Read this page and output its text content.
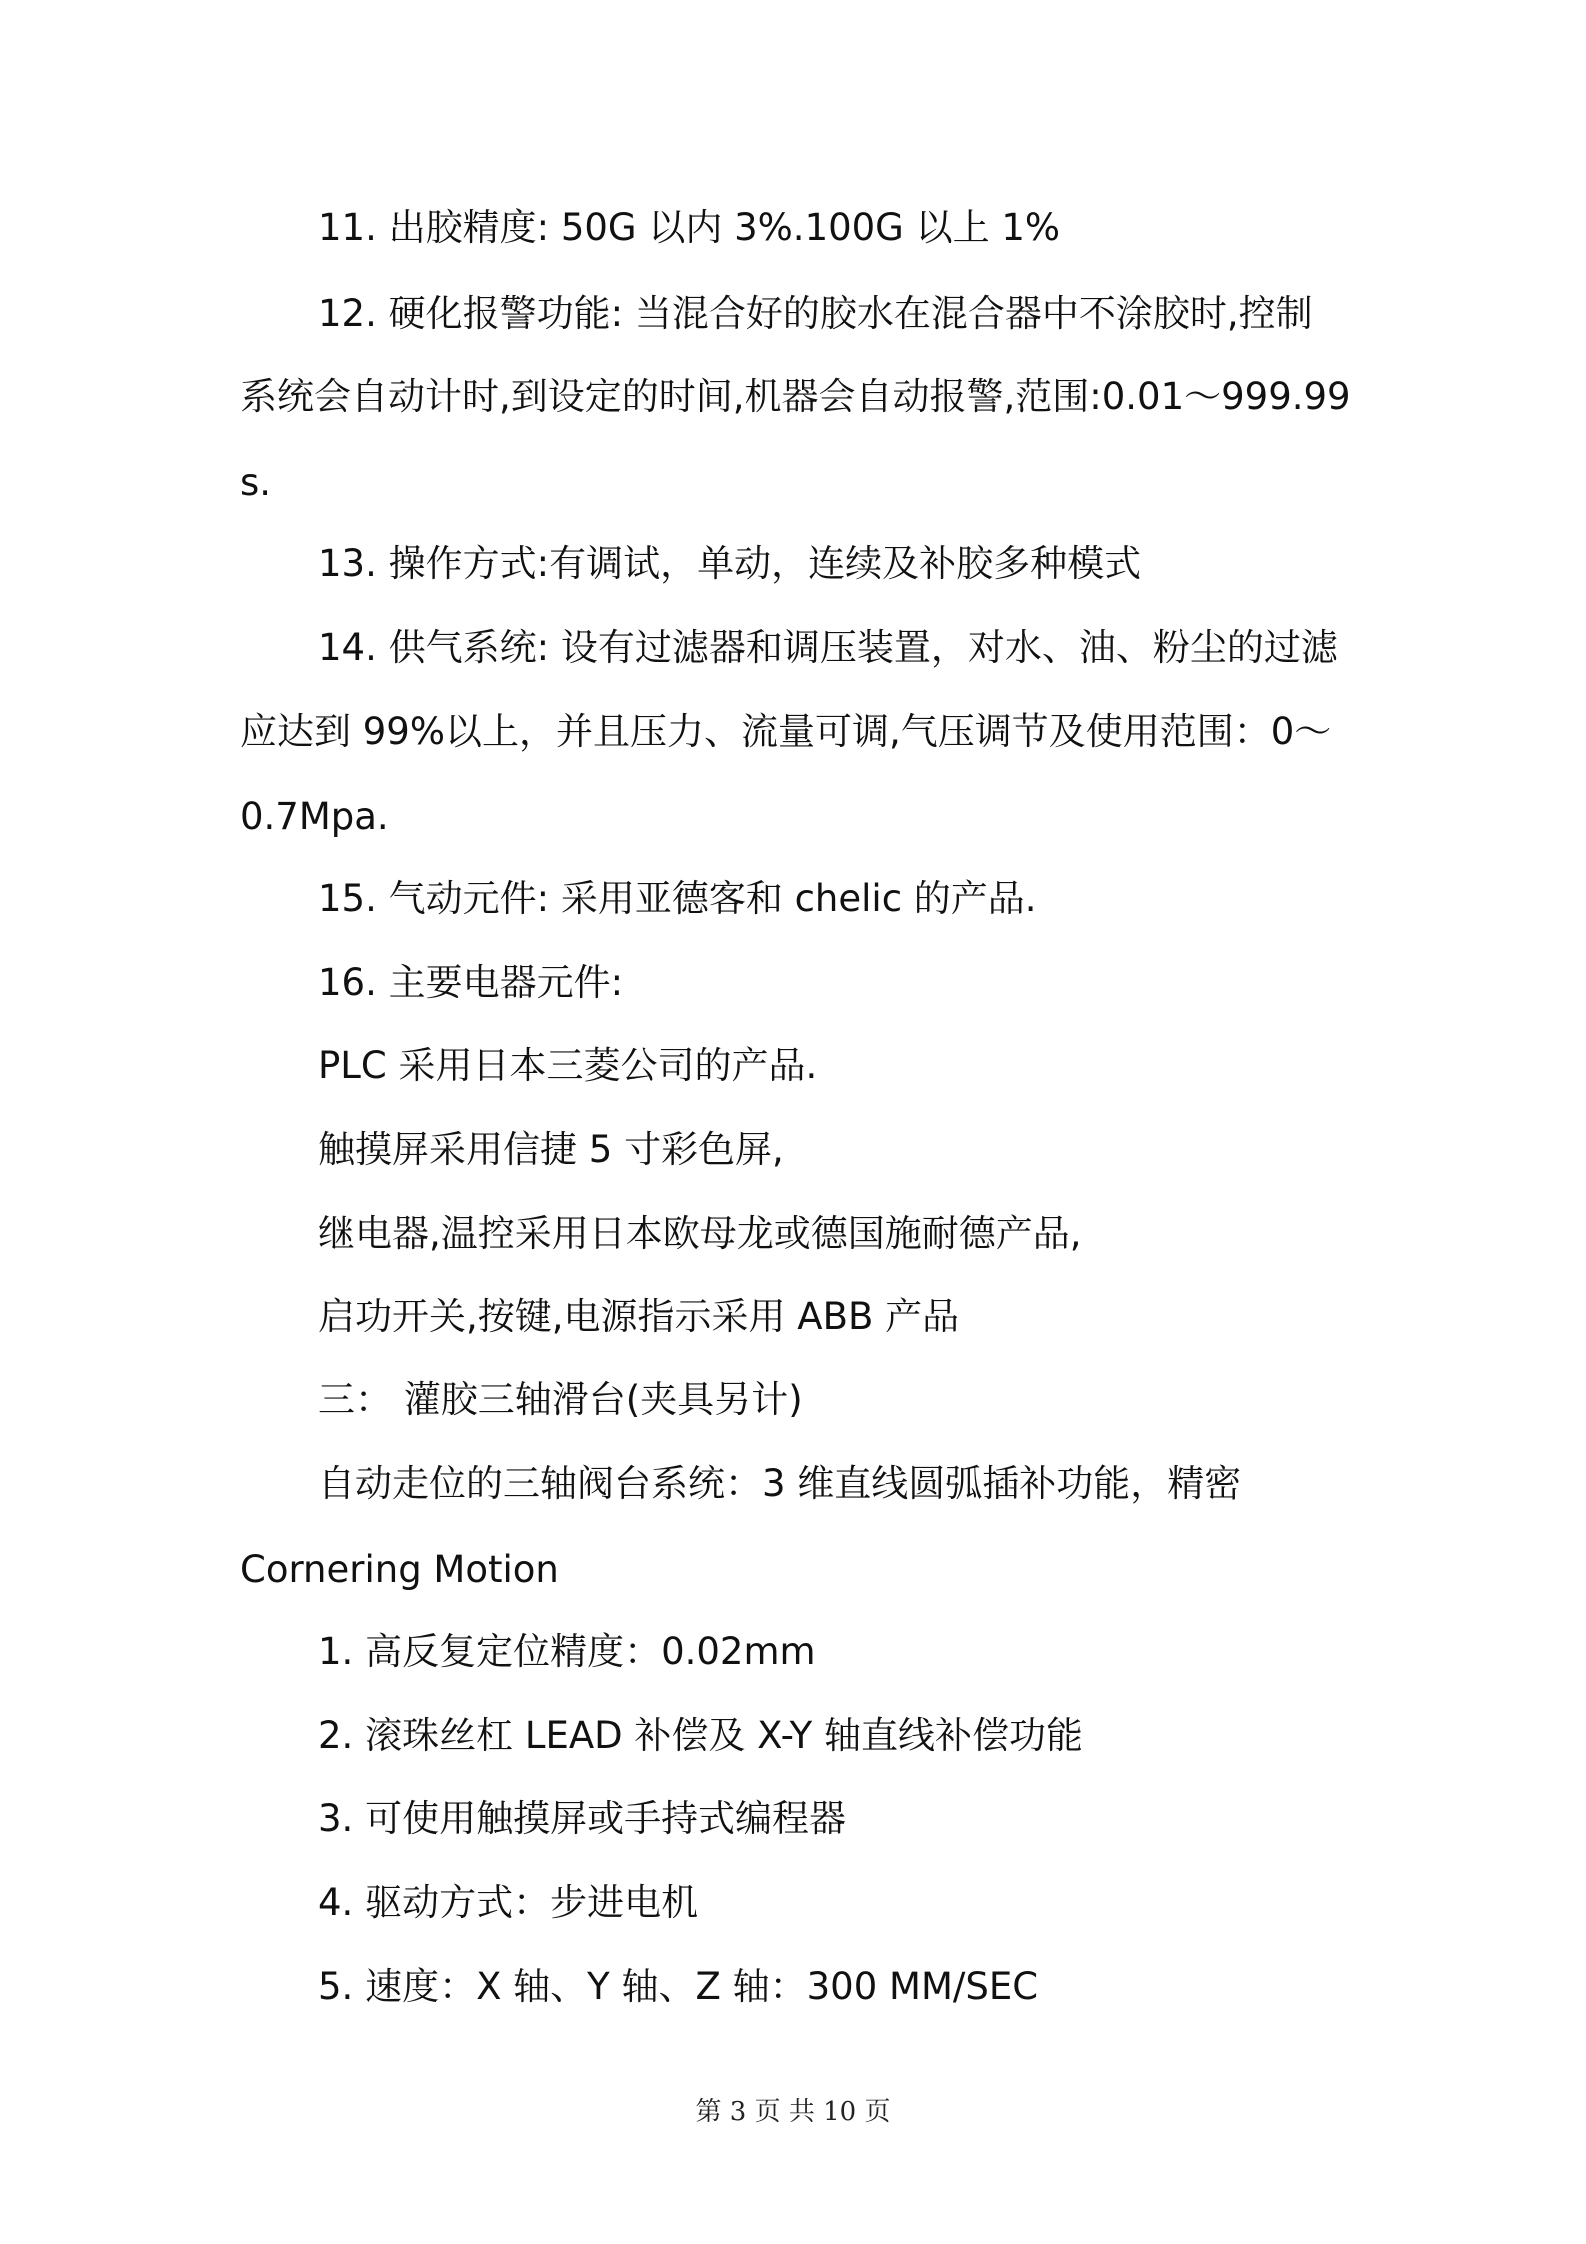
11. 出胶精度: 50G 以内 3%.100G 以上 1%
12. 硬化报警功能: 当混合好的胶水在混合器中不涂胶时,控制
系统会自动计时,到设定的时间,机器会自动报警,范围:0.01～999.99
s.
13. 操作方式:有调试，单动，连续及补胶多种模式
14. 供气系统: 设有过滤器和调压装置，对水、油、粉尘的过滤
应达到 99%以上，并且压力、流量可调,气压调节及使用范围：0～
0.7Mpa.
15. 气动元件: 采用亚德客和 chelic 的产品.
16. 主要电器元件:
PLC 采用日本三菱公司的产品.
触摸屏采用信捷 5 寸彩色屏,
继电器,温控采用日本欧母龙或德国施耐德产品,
启功开关,按键,电源指示采用 ABB 产品
三： 灌胶三轴滑台(夹具另计)
自动走位的三轴阀台系统：3 维直线圆弧插补功能，精密
Cornering Motion
1. 高反复定位精度：0.02mm
2. 滚珠丝杠 LEAD 补偿及 X-Y 轴直线补偿功能
3. 可使用触摸屏或手持式编程器
4. 驱动方式：步进电机
5. 速度：X 轴、Y 轴、Z 轴：300 MM/SEC
第 3 页 共 10 页
